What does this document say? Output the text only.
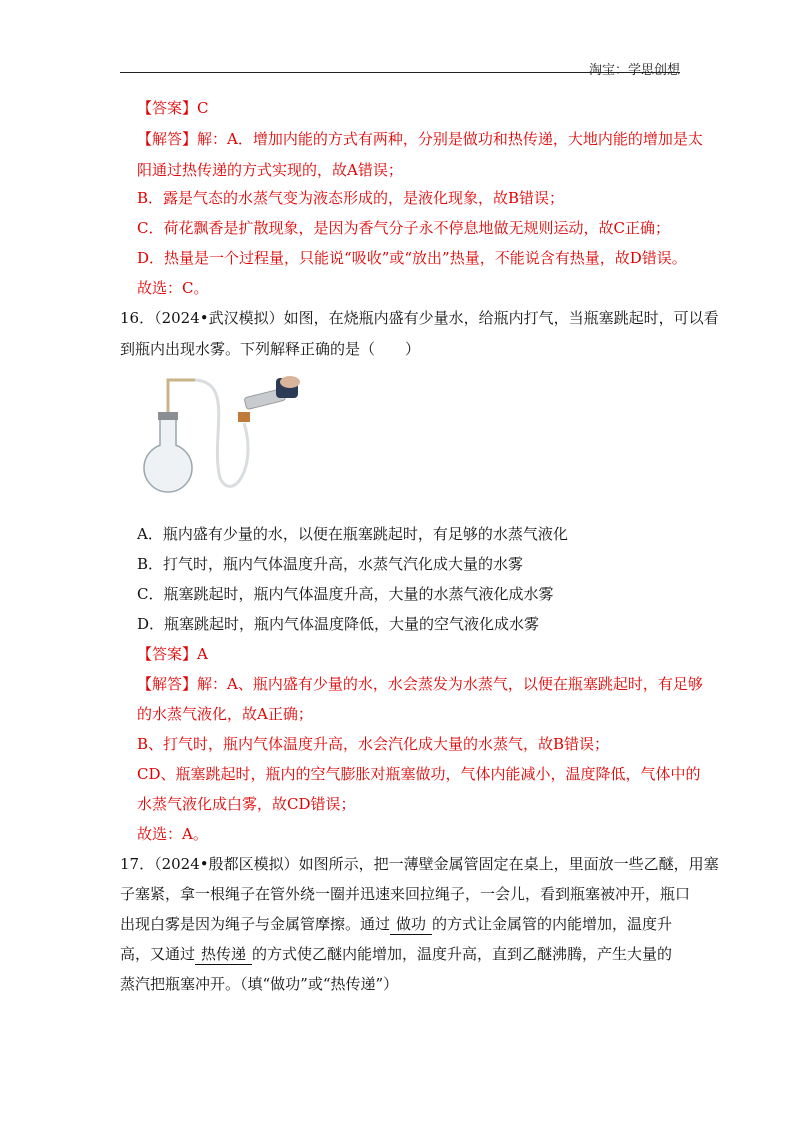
淘宝：学思创想
【答案】C
【解答】解：A．增加内能的方式有两种，分别是做功和热传递，大地内能的增加是太
阳通过热传递的方式实现的，故A错误；
B．露是气态的水蒸气变为液态形成的，是液化现象，故B错误；
C．荷花飘香是扩散现象，是因为香气分子永不停息地做无规则运动，故C正确；
D．热量是一个过程量，只能说“吸收”或“放出”热量，不能说含有热量，故D错误。
故选：C。
16．（2024•武汉模拟）如图，在烧瓶内盛有少量水，给瓶内打气，当瓶塞跳起时，可以看
到瓶内出现水雾。下列解释正确的是（　　）
A．瓶内盛有少量的水，以便在瓶塞跳起时，有足够的水蒸气液化
B．打气时，瓶内气体温度升高，水蒸气汽化成大量的水雾
C．瓶塞跳起时，瓶内气体温度升高，大量的水蒸气液化成水雾
D．瓶塞跳起时，瓶内气体温度降低，大量的空气液化成水雾
【答案】A
【解答】解：A、瓶内盛有少量的水，水会蒸发为水蒸气，以便在瓶塞跳起时，有足够
的水蒸气液化，故A正确；
B、打气时，瓶内气体温度升高，水会汽化成大量的水蒸气，故B错误；
CD、瓶塞跳起时，瓶内的空气膨胀对瓶塞做功，气体内能减小，温度降低，气体中的
水蒸气液化成白雾，故CD错误；
故选：A。
17．（2024•殷都区模拟）如图所示，把一薄壁金属管固定在桌上，里面放一些乙醚，用塞
子塞紧，拿一根绳子在管外绕一圈并迅速来回拉绳子，一会儿，看到瓶塞被冲开，瓶口
出现白雾是因为绳子与金属管摩擦。通过 做功 的方式让金属管的内能增加，温度升
高，又通过 热传递 的方式使乙醚内能增加，温度升高，直到乙醚沸腾，产生大量的
蒸汽把瓶塞冲开。（填“做功”或“热传递”）
